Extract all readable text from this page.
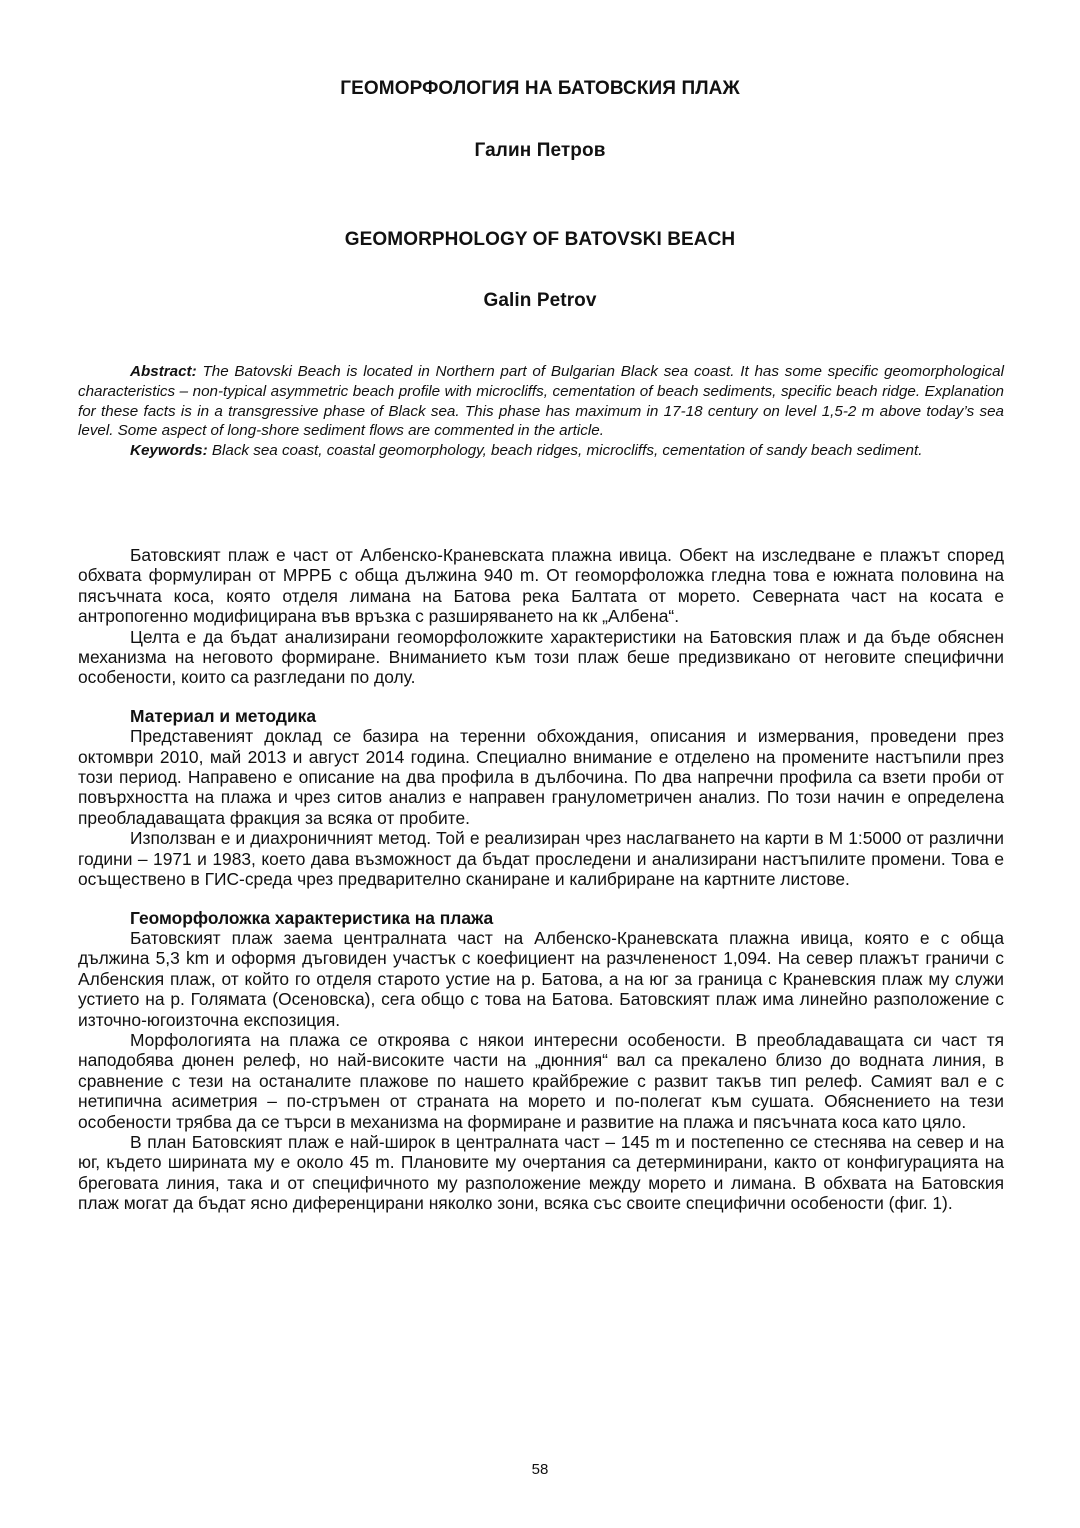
ГЕОМОРФОЛОГИЯ НА БАТОВСКИЯ ПЛАЖ
Галин Петров
GEOMORPHOLOGY OF BATOVSKI BEACH
Galin Petrov

Abstract: The Batovski Beach is located in Northern part of Bulgarian Black sea coast. It has some specific geomorphological characteristics – non-typical asymmetric beach profile with microcliffs, cementation of beach sediments, specific beach ridge. Explanation for these facts is in a transgressive phase of Black sea. This phase has maximum in 17-18 century on level 1,5-2 m above today’s sea level. Some aspect of long-shore sediment flows are commented in the article.

Keywords: Black sea coast, coastal geomorphology, beach ridges, microcliffs, cementation of sandy beach sediment.

Батовският плаж е част от Албенско-Краневската плажна ивица. Обект на изследване е плажът според обхвата формулиран от МРРБ с обща дължина 940 m. От геоморфоложка гледна това е южната половина на пясъчната коса, която отделя лимана на Батова река Балтата от морето. Северната част на косата е антропогенно модифицирана във връзка с разширяването на кк „Албена“.

Целта е да бъдат анализирани геоморфоложките характеристики на Батовския плаж и да бъде обяснен механизма на неговото формиране. Вниманието към този плаж беше предизвикано от неговите специфични особености, които са разгледани по долу.

Материал и методика

Представеният доклад се базира на теренни обхождания, описания и измервания, проведени през октомври 2010, май 2013 и август 2014 година. Специално внимание е отделено на промените настъпили през този период. Направено е описание на два профила в дълбочина. По два напречни профила са взети проби от повърхността на плажа и чрез ситов анализ е направен гранулометричен анализ. По този начин е определена преобладаващата фракция за всяка от пробите.

Използван е и диахроничният метод. Той е реализиран чрез наслагването на карти в М 1:5000 от различни години – 1971 и 1983, което дава възможност да бъдат проследени и анализирани настъпилите промени. Това е осъществено в ГИС-среда чрез предварително сканиране и калибриране на картните листове.

Геоморфоложка характеристика на плажа

Батовският плаж заема централната част на Албенско-Краневската плажна ивица, която е с обща дължина 5,3 km и оформя дъговиден участък с коефициент на разчлененост 1,094. На север плажът граничи с Албенския плаж, от който го отделя старото устие на р. Батова, а на юг за граница с Краневския плаж му служи устието на р. Голямата (Осеновска), сега общо с това на Батова. Батовският плаж има линейно разположение с източно-югоизточна експозиция.

Морфологията на плажа се откроява с някои интересни особености. В преобладаващата си част тя наподобява дюнен релеф, но най-високите части на „дюнния“ вал са прекалено близо до водната линия, в сравнение с тези на останалите плажове по нашето крайбрежие с развит такъв тип релеф. Самият вал е с нетипична асиметрия – по-стръмен от страната на морето и по-полегат към сушата. Обяснението на тези особености трябва да се търси в механизма на формиране и развитие на плажа и пясъчната коса като цяло.

В план Батовският плаж е най-широк в централната част – 145 m и постепенно се стеснява на север и на юг, където ширината му е около 45 m. Плановите му очертания са детерминирани, както от конфигурацията на бреговата линия, така и от специфичното му разположение между морето и лимана. В обхвата на Батовския плаж могат да бъдат ясно диференцирани няколко зони, всяка със своите специфични особености (фиг. 1).

58
